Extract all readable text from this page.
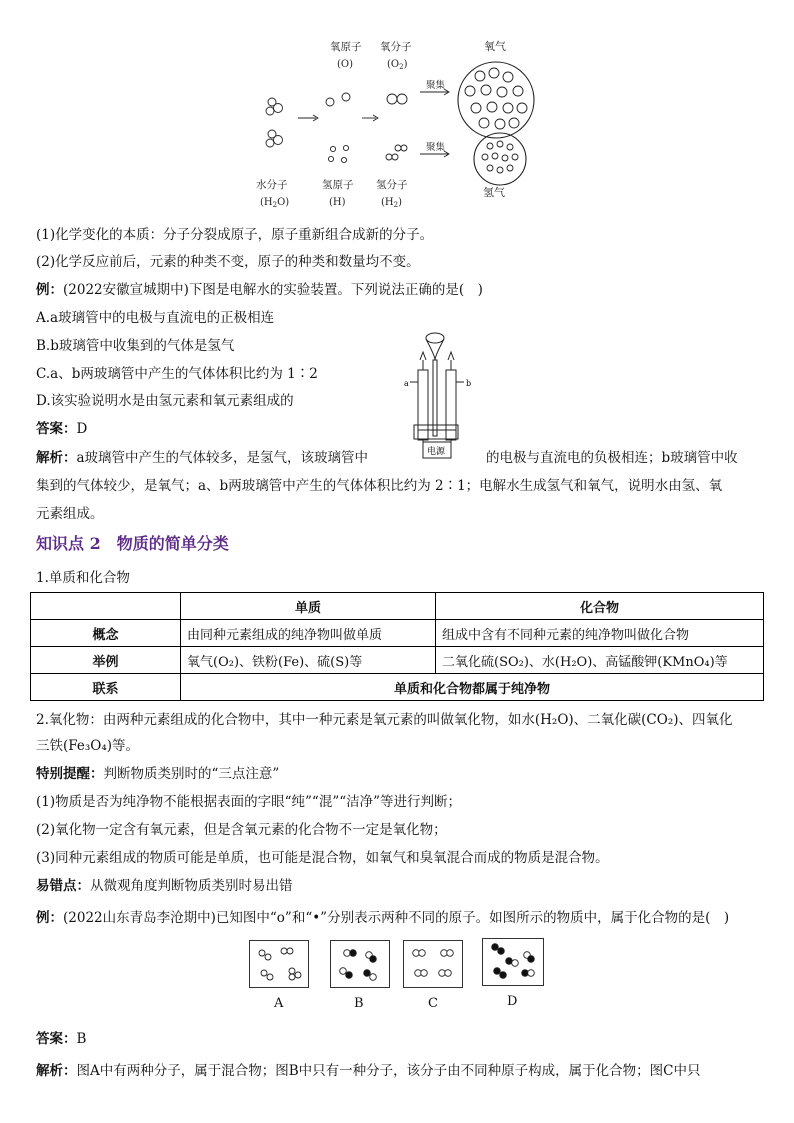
氧原子
(O)
氧分子
$(O_2)$
氧气
水分子
$(H_2O)$
氢原子
(H)
氢分子
$(H_2)$
氢气
聚集
聚集
(1)化学变化的本质：分子分裂成原子，原子重新组合成新的分子。
(2)化学反应前后，元素的种类不变，原子的种类和数量均不变。
例：(2022安徽宣城期中)下图是电解水的实验装置。下列说法正确的是(　)
A.a玻璃管中的电极与直流电的正极相连
B.b玻璃管中收集到的气体是氢气
C.a、b两玻璃管中产生的气体体积比约为 1∶2
D.该实验说明水是由氢元素和氧元素组成的
答案：D
a	b
电源
解析：a玻璃管中产生的气体较多，是氢气，该玻璃管中	的电极与直流电的负极相连；b玻璃管中收
集到的气体较少，是氧气；a、b两玻璃管中产生的气体体积比约为 2∶1；电解水生成氢气和氧气，说明水由氢、氧
元素组成。
知识点 2　物质的简单分类
1.单质和化合物
	单质	化合物
概念	由同种元素组成的纯净物叫做单质	组成中含有不同种元素的纯净物叫做化合物
举例	氧气(O₂)、铁粉(Fe)、硫(S)等	二氧化硫(SO₂)、水(H₂O)、高锰酸钾(KMnO₄)等
联系	单质和化合物都属于纯净物	
2.氧化物：由两种元素组成的化合物中，其中一种元素是氧元素的叫做氧化物，如水(H₂O)、二氧化碳(CO₂)、四氧化
三铁(Fe₃O₄)等。
特别提醒：判断物质类别时的“三点注意”
(1)物质是否为纯净物不能根据表面的字眼“纯”“混”“洁净”等进行判断；
(2)氧化物一定含有氧元素，但是含氧元素的化合物不一定是氧化物；
(3)同种元素组成的物质可能是单质，也可能是混合物，如氧气和臭氧混合而成的物质是混合物。
易错点：从微观角度判断物质类别时易出错
例：(2022山东青岛李沧期中)已知图中“o”和“•”分别表示两种不同的原子。如图所示的物质中，属于化合物的是(　)
A	B	C	D
答案：B
解析：图A中有两种分子，属于混合物；图B中只有一种分子，该分子由不同种原子构成，属于化合物；图C中只
